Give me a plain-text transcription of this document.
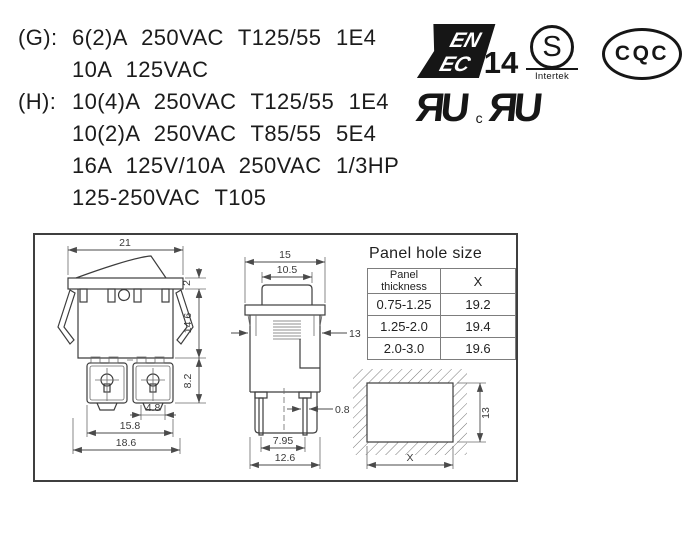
(G): 6(2)A 250VAC T125/55 1E4
10A 125VAC
(H): 10(4)A 250VAC T125/55 1E4
10(2)A 250VAC T85/55 5E4
16A 125V/10A 250VAC 1/3HP
125-250VAC T105
EN
EC 14 S
Intertek
CQC
ЯU c ЯU
Panel hole size
Panel thickness	X
0.75-1.25	19.2
1.25-2.0	19.4
2.0-3.0	19.6
21
2
14.6
8.2
4.8
15.8
18.6
15
10.5
13
0.8
7.95
12.6
13
X
